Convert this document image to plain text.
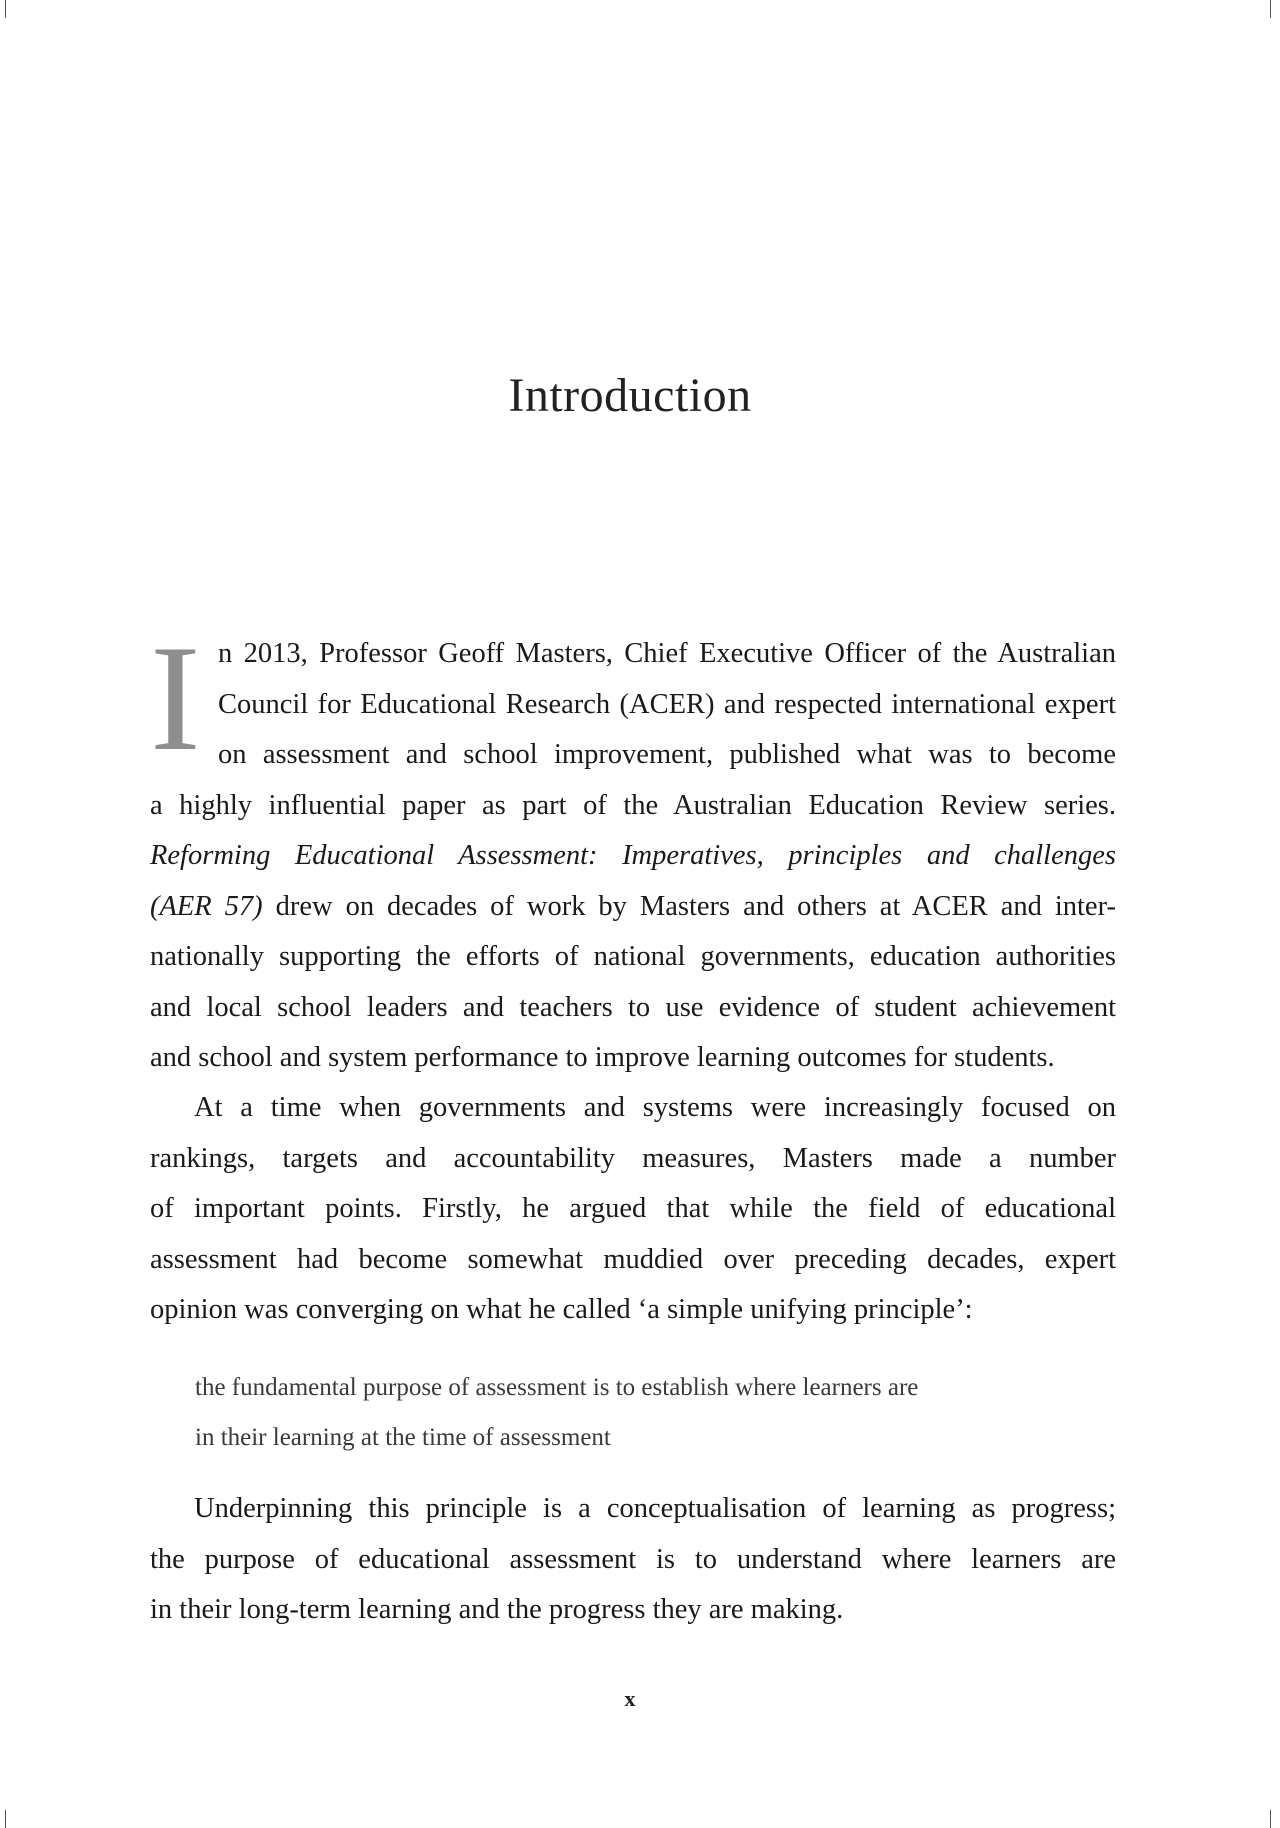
Introduction
I n 2013, Professor Geoff Masters, Chief Executive Officer of the Australian
Council for Educational Research (ACER) and respected international expert
on assessment and school improvement, published what was to become
a highly influential paper as part of the Australian Education Review series.
Reforming Educational Assessment: Imperatives, principles and challenges
(AER 57) drew on decades of work by Masters and others at ACER and inter-
nationally supporting the efforts of national governments, education authorities
and local school leaders and teachers to use evidence of student achievement
and school and system performance to improve learning outcomes for students.
At a time when governments and systems were increasingly focused on
rankings, targets and accountability measures, Masters made a number
of important points. Firstly, he argued that while the field of educational
assessment had become somewhat muddied over preceding decades, expert
opinion was converging on what he called ‘a simple unifying principle’:
the fundamental purpose of assessment is to establish where learners are
in their learning at the time of assessment
Underpinning this principle is a conceptualisation of learning as progress;
the purpose of educational assessment is to understand where learners are
in their long-term learning and the progress they are making.
x
